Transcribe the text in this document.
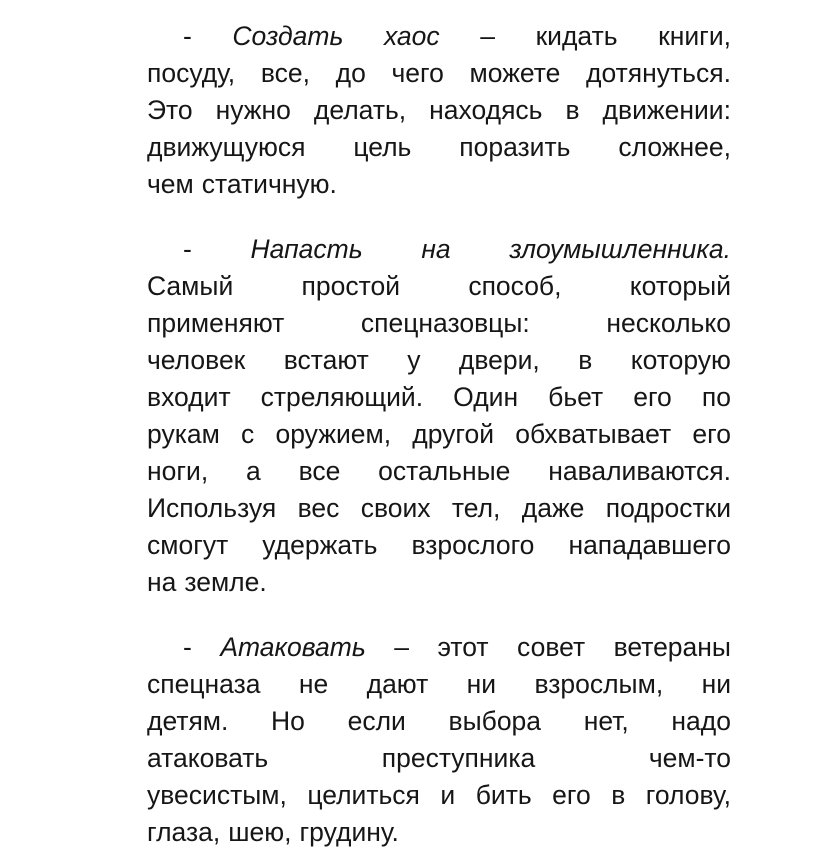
- Создать хаос – кидать книги,
посуду, все, до чего можете дотянуться.
Это нужно делать, находясь в движении:
движущуюся цель поразить сложнее,
чем статичную.
- Напасть на злоумышленника.
Самый	простой	способ,	который
применяют	спецназовцы:	несколько
человек встают у двери, в которую
входит стреляющий. Один бьет его по
рукам с оружием, другой обхватывает его
ноги, а все остальные наваливаются.
Используя вес своих тел, даже подростки
смогут удержать взрослого нападавшего
на земле.
- Атаковать – этот совет ветераны
спецназа не дают ни взрослым, ни
детям. Но если выбора нет, надо
атаковать	преступника	чем-то
увесистым, целиться и бить его в голову,
глаза, шею, грудину.
